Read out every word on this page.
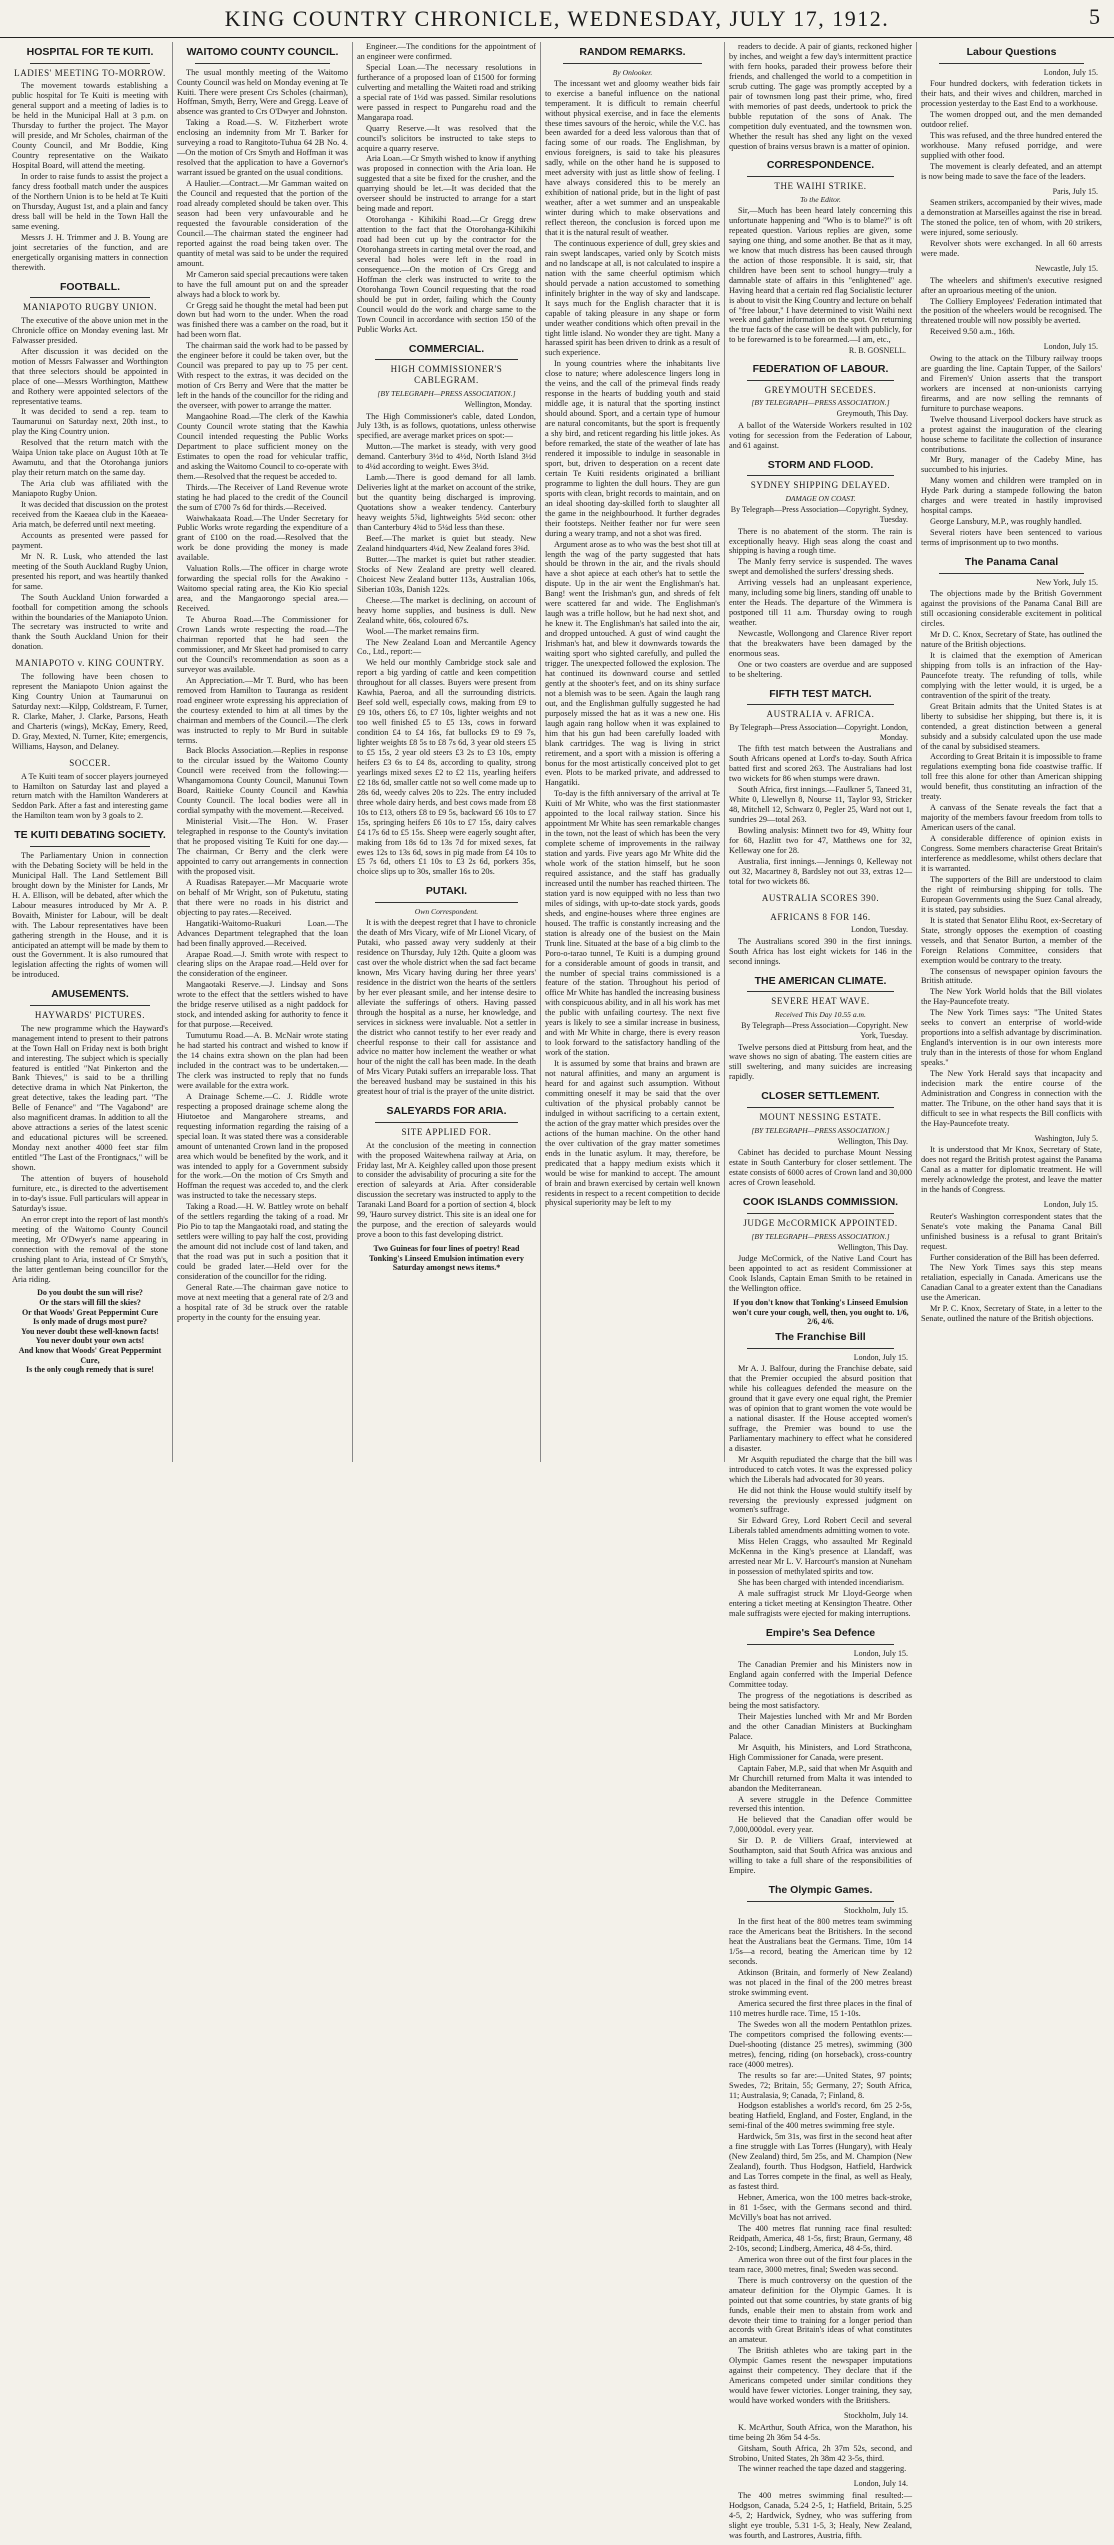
KING COUNTRY CHRONICLE, WEDNESDAY, JULY 17, 1912.	5
HOSPITAL FOR TE KUITI.
LADIES' MEETING TO-MORROW.

The movement towards establishing a public hospital for Te Kuiti is meeting with general support and a meeting of ladies is to be held in the Municipal Hall at 3 p.m. on Thursday to further the project. The Mayor will preside, and Mr Scholes, chairman of the County Council, and Mr Boddie, King Country representative on the Waikato Hospital Board, will attend the meeting.

In order to raise funds to assist the project a fancy dress football match under the auspices of the Northern Union is to be held at Te Kuiti on Thursday, August 1st, and a plain and fancy dress ball will be held in the Town Hall the same evening.

Messrs J. H. Trimmer and J. B. Young are joint secretaries of the function, and are energetically organising matters in connection therewith.

FOOTBALL.
MANIAPOTO RUGBY UNION.

The executive of the above union met in the Chronicle office on Monday evening last. Mr Falwasser presided.

After discussion it was decided on the motion of Messrs Falwasser and Worthington that three selectors should be appointed in place of one—Messrs Worthington, Matthew and Rothery were appointed selectors of the representative teams.

It was decided to send a rep. team to Taumarunui on Saturday next, 20th inst., to play the King Country union.

Resolved that the return match with the Waipa Union take place on August 10th at Te Awamutu, and that the Otorohanga juniors play their return match on the same day.

The Aria club was affiliated with the Maniapoto Rugby Union.

It was decided that discussion on the protest received from the Kaeaea club in the Kaeaea-Aria match, be deferred until next meeting.

Accounts as presented were passed for payment.

Mr N. R. Lusk, who attended the last meeting of the South Auckland Rugby Union, presented his report, and was heartily thanked for same.

The South Auckland Union forwarded a football for competition among the schools within the boundaries of the Maniapoto Union. The secretary was instructed to write and thank the South Auckland Union for their donation.

MANIAPOTO v. KING COUNTRY.

The following have been chosen to represent the Maniapoto Union against the King Country Union at Taumarunui on Saturday next:—Kilpp, Coldstream, F. Turner, R. Clarke, Maher, J. Clarke, Parsons, Heath and Charteris (wings), McKay, Emery, Reed, D. Gray, Mexted, N. Turner, Kite; emergencis, Williams, Hayson, and Delaney.

SOCCER.

A Te Kuiti team of soccer players journeyed to Hamilton on Saturday last and played a return match with the Hamilton Wanderers at Seddon Park. After a fast and interesting game the Hamilton team won by 3 goals to 2.

TE KUITI DEBATING SOCIETY.

The Parliamentary Union in connection with the Debating Society will be held in the Municipal Hall. The Land Settlement Bill brought down by the Minister for Lands, Mr H. A. Ellison, will be debated, after which the Labour measures introduced by Mr A. P. Bovaith, Minister for Labour, will be dealt with. The Labour representatives have been gathering strength in the House, and it is anticipated an attempt will be made by them to oust the Government. It is also rumoured that legislation affecting the rights of women will be introduced.

AMUSEMENTS.
HAYWARDS' PICTURES.

The new programme which the Hayward's management intend to present to their patrons at the Town Hall on Friday next is both bright and interesting. The subject which is specially featured is entitled "Nat Pinkerton and the Bank Thieves," is said to be a thrilling detective drama in which Nat Pinkerton, the great detective, takes the leading part. "The Belle of Fenance" and "The Vagabond" are also magnificent dramas. In addition to all the above attractions a series of the latest scenic and educational pictures will be screened. Monday next another 4000 feet star film entitled "The Last of the Frontignacs," will be shown.

The attention of buyers of household furniture, etc., is directed to the advertisement in to-day's issue. Full particulars will appear in Saturday's issue.

An error crept into the report of last month's meeting of the Waitomo County Council meeting, Mr O'Dwyer's name appearing in connection with the removal of the stone crushing plant to Aria, instead of Cr Smyth's, the latter gentleman being councillor for the Aria riding.

Do you doubt the sun will rise?
Or the stars will fill the skies?
Or that Woods' Great Peppermint Cure
Is only made of drugs most pure?
You never doubt these well-known facts!
You never doubt your own acts!
And know that Woods' Great Peppermint Cure,
Is the only cough remedy that is sure!
WAITOMO COUNTY COUNCIL.

The usual monthly meeting of the Waitomo County Council was held on Monday evening at Te Kuiti. There were present Crs Scholes (chairman), Hoffman, Smyth, Berry, Were and Gregg. Leave of absence was granted to Crs O'Dwyer and Johnston.

Taking a Road.—S. W. Fitzherbert wrote enclosing an indemnity from Mr T. Barker for surveying a road to Rangitoto-Tuhua 64 2B No. 4.—On the motion of Crs Smyth and Hoffman it was resolved that the application to have a Governor's warrant issued be granted on the usual conditions.

A Haulier.—Contract.—Mr Gamman waited on the Council and requested that the portion of the road already completed should be taken over. This season had been very unfavourable and he requested the favourable consideration of the Council.—The chairman stated the engineer had reported against the road being taken over. The quantity of metal was said to be under the required amount.

Mr Cameron said special precautions were taken to have the full amount put on and the spreader always had a block to work by.

Cr Gregg said he thought the metal had been put down but had worn to the under. When the road was finished there was a camber on the road, but it had been worn flat.

The chairman said the work had to be passed by the engineer before it could be taken over, but the Council was prepared to pay up to 75 per cent. With respect to the extras, it was decided on the motion of Crs Berry and Were that the matter be left in the hands of the councillor for the riding and the overseer, with power to arrange the matter.

Mangaohine Road.—The clerk of the Kawhia County Council wrote stating that the Kawhia Council intended requesting the Public Works Department to place sufficient money on the Estimates to open the road for vehicular traffic, and asking the Waitomo Council to co-operate with them.—Resolved that the request be acceded to.

Thirds.—The Receiver of Land Revenue wrote stating he had placed to the credit of the Council the sum of £700 7s 6d for thirds.—Received.

Waiwhakaata Road.—The Under Secretary for Public Works wrote regarding the expenditure of a grant of £100 on the road.—Resolved that the work be done providing the money is made available.

Valuation Rolls.—The officer in charge wrote forwarding the special rolls for the Awakino - Waitomo special rating area, the Kio Kio special area, and the Mangaorongo special area.—Received.

Te Aburoa Road.—The Commissioner for Crown Lands wrote respecting the road.—The chairman reported that he had seen the commissioner, and Mr Skeet had promised to carry out the Council's recommendation as soon as a surveyor was available.

An Appreciation.—Mr T. Burd, who has been removed from Hamilton to Tauranga as resident road engineer wrote expressing his appreciation of the courtesy extended to him at all times by the chairman and members of the Council.—The clerk was instructed to reply to Mr Burd in suitable terms.

Back Blocks Association.—Replies in response to the circular issued by the Waitomo County Council were received from the following:—Whangamomona County Council, Manunui Town Board, Raitieke County Council and Kawhia County Council. The local bodies were all in cordial sympathy with the movement.—Received.

Ministerial Visit.—The Hon. W. Fraser telegraphed in response to the County's invitation that he proposed visiting Te Kuiti for one day.—The chairman, Cr Berry and the clerk were appointed to carry out arrangements in connection with the proposed visit.

A Ruadisas Ratepayer.—Mr Macquarie wrote on behalf of Mr Wright, son of Puketutu, stating that there were no roads in his district and objecting to pay rates.—Received.

Hangatiki-Waitomo-Ruakuri Loan.—The Advances Department telegraphed that the loan had been finally approved.—Received.

Arapae Road.—J. Smith wrote with respect to clearing slips on the Arapae road.—Held over for the consideration of the engineer.

Mangaotaki Reserve.—J. Lindsay and Sons wrote to the effect that the settlers wished to have the bridge reserve utilised as a night paddock for stock, and intended asking for authority to fence it for that purpose.—Received.

Tumutumu Road.—A. B. McNair wrote stating he had started his contract and wished to know if the 14 chains extra shown on the plan had been included in the contract was to be undertaken.—The clerk was instructed to reply that no funds were available for the extra work.

A Drainage Scheme.—C. J. Riddle wrote respecting a proposed drainage scheme along the Hiutoetoe and Mangarohere streams, and requesting information regarding the raising of a special loan. It was stated there was a considerable amount of untenanted Crown land in the proposed area which would be benefited by the work, and it was intended to apply for a Government subsidy for the work.—On the motion of Crs Smyth and Hoffman the request was acceded to, and the clerk was instructed to take the necessary steps.

Taking a Road.—H. W. Battley wrote on behalf of the settlers regarding the taking of a road. Mr Pio Pio to tap the Mangaotaki road, and stating the settlers were willing to pay half the cost, providing the amount did not include cost of land taken, and that the road was put in such a position that it could be graded later.—Held over for the consideration of the councillor for the riding.

General Rate.—The chairman gave notice to move at next meeting that a general rate of 2/3 and a hospital rate of 3d be struck over the ratable property in the county for the ensuing year.

Engineer.—The conditions for the appointment of an engineer were confirmed.

Special Loan.—The necessary resolutions in furtherance of a proposed loan of £1500 for forming culverting and metalling the Waiteti road and striking a special rate of 1½d was passed. Similar resolutions were passed in respect to Pungarehu road and the Mangarapa road.

Quarry Reserve.—It was resolved that the council's solicitors be instructed to take steps to acquire a quarry reserve.

Aria Loan.—Cr Smyth wished to know if anything was proposed in connection with the Aria loan. He suggested that a site be fixed for the crusher, and the quarrying should be let.—It was decided that the overseer should be instructed to arrange for a start being made and report.

Otorohanga - Kihikihi Road.—Cr Gregg drew attention to the fact that the Otorohanga-Kihikihi road had been cut up by the contractor for the Otorohanga streets in carting metal over the road, and several bad holes were left in the road in consequence.—On the motion of Crs Gregg and Hoffman the clerk was instructed to write to the Otorohanga Town Council requesting that the road should be put in order, failing which the County Council would do the work and charge same to the Town Council in accordance with section 150 of the Public Works Act.

COMMERCIAL.
HIGH COMMISSIONER'S CABLEGRAM.
[BY TELEGRAPH—PRESS ASSOCIATION.]
Wellington, Monday.

The High Commissioner's cable, dated London, July 13th, is as follows, quotations, unless otherwise specified, are average market prices on spot:—

Mutton.—The market is steady, with very good demand. Canterbury 3½d to 4½d, North Island 3½d to 4¼d according to weight. Ewes 3½d.

Lamb.—There is good demand for all lamb. Deliveries light at the market on account of the strike, but the quantity being discharged is improving. Quotations show a weaker tendency. Canterbury heavy weights 5⅞d, lightweights 5½d secon: other than Canterbury 4¾d to 5¼d less than these.

Beef.—The market is quiet but steady. New Zealand hindquarters 4¼d, New Zealand fores 3⅜d.

Butter.—The market is quiet but rather steadier. Stocks of New Zealand are pretty well cleared. Choicest New Zealand butter 113s, Australian 106s, Siberian 103s, Danish 122s.

Cheese.—The market is declining, on account of heavy home supplies, and business is dull. New Zealand white, 66s, coloured 67s.

Wool.—The market remains firm.

The New Zealand Loan and Mercantile Agency Co., Ltd., report:—

We held our monthly Cambridge stock sale and report a big yarding of cattle and keen competition throughout for all classes. Buyers were present from Kawhia, Paeroa, and all the surrounding districts. Beef sold well, especially cows, making from £9 to £9 10s, others £6, to £7 10s, lighter weights and not too well finished £5 to £5 13s, cows in forward condition £4 to £4 16s, fat bullocks £9 to £9 7s, lighter weights £8 5s to £8 7s 6d, 3 year old steers £5 to £5 15s, 2 year old steers £3 2s to £3 10s, empty heifers £3 6s to £4 8s, according to quality, strong yearlings mixed sexes £2 to £2 11s, yearling heifers £2 18s 6d, smaller cattle not so well come made up to 28s 6d, weedy calves 20s to 22s. The entry included three whole dairy herds, and best cows made from £8 10s to £13, others £8 to £9 5s, backward £6 10s to £7 15s, springing heifers £6 10s to £7 15s, dairy calves £4 17s 6d to £5 15s. Sheep were eagerly sought after, making from 18s 6d to 13s 7d for mixed sexes, fat ewes 12s to 13s 6d, sows in pig made from £4 10s to £5 7s 6d, others £1 10s to £3 2s 6d, porkers 35s, choice slips up to 30s, smaller 16s to 20s.

PUTAKI.
Own Correspondent.

It is with the deepest regret that I have to chronicle the death of Mrs Vicary, wife of Mr Lionel Vicary, of Putaki, who passed away very suddenly at their residence on Thursday, July 12th. Quite a gloom was cast over the whole district when the sad fact became known, Mrs Vicary having during her three years' residence in the district won the hearts of the settlers by her ever pleasant smile, and her intense desire to alleviate the sufferings of others. Having passed through the hospital as a nurse, her knowledge, and services in sickness were invaluable. Not a settler in the district who cannot testify to her ever ready and cheerful response to their call for assistance and advice no matter how inclement the weather or what hour of the night the call has been made. In the death of Mrs Vicary Putaki suffers an irreparable loss. That the bereaved husband may be sustained in this his greatest hour of trial is the prayer of the unite district.

SALEYARDS FOR ARIA.
SITE APPLIED FOR.

At the conclusion of the meeting in connection with the proposed Waitewhena railway at Aria, on Friday last, Mr A. Keighley called upon those present to consider the advisability of procuring a site for the erection of saleyards at Aria. After considerable discussion the secretary was instructed to apply to the Taranaki Land Board for a portion of section 4, block 99, 'Hauro survey district. This site is an ideal one for the purpose, and the erection of saleyards would prove a boon to this fast developing district.

Two Guineas for four lines of poetry! Read Tonking's Linseed Emulsion intimation every Saturday amongst news items.*
RANDOM REMARKS.
By Onlooker.

The incessant wet and gloomy weather bids fair to exercise a baneful influence on the national temperament. It is difficult to remain cheerful without physical exercise, and in face the elements these times savours of the heroic, while the V.C. has been awarded for a deed less valorous than that of facing some of our roads. The Englishman, by envious foreigners, is said to take his pleasures sadly, while on the other hand he is supposed to meet adversity with just as little show of feeling. I have always considered this to be merely an exhibition of national pride, but in the light of past weather, after a wet summer and an unspeakable winter during which to make observations and reflect thereon, the conclusion is forced upon me that it is the natural result of weather.

The continuous experience of dull, grey skies and rain swept landscapes, varied only by Scotch mists and no landscape at all, is not calculated to inspire a nation with the same cheerful optimism which should pervade a nation accustomed to something infinitely brighter in the way of sky and landscape. It says much for the English character that it is capable of taking pleasure in any shape or form under weather conditions which often prevail in the tight little island. No wonder they are tight. Many a harassed spirit has been driven to drink as a result of such experience.

In young countries where the inhabitants live close to nature; where adolescence lingers long in the veins, and the call of the primeval finds ready response in the hearts of budding youth and staid middle age, it is natural that the sporting instinct should abound. Sport, and a certain type of humour are natural concomitants, but the sport is frequently a shy bird, and reticent regarding his little jokes. As before remarked, the state of the weather of late has rendered it impossible to indulge in seasonable in sport, but, driven to desperation on a recent date certain Te Kuiti residents originated a brilliant programme to lighten the dull hours. They are gun sports with clean, bright records to maintain, and on an ideal shooting day-skilled forth to slaughter all the game in the neighbourhood. It further degrades their footsteps. Neither feather nor fur were seen during a weary tramp, and not a shot was fired.

Argument arose as to who was the best shot till at length the wag of the party suggested that hats should be thrown in the air, and the rivals should have a shot apiece at each other's hat to settle the dispute. Up in the air went the Englishman's hat. Bang! went the Irishman's gun, and shreds of felt were scattered far and wide. The Englishman's laugh was a trifle hollow, but he had next shot, and he knew it. The Englishman's hat sailed into the air, and dropped untouched. A gust of wind caught the Irishman's hat, and blew it downwards towards the waiting sport who sighted carefully, and pulled the trigger. The unexpected followed the explosion. The hat continued its downward course and settled gently at the shooter's feet, and on its shiny surface not a blemish was to be seen. Again the laugh rang out, and the Englishman gulfully suggested he had purposely missed the hat as it was a new one. His laugh again rang hollow when it was explained to him that his gun had been carefully loaded with blank cartridges. The wag is living in strict retirement, and a sport with a mission is offering a bonus for the most artistically conceived plot to get even. Plots to be marked private, and addressed to Hangatiki.

To-day is the fifth anniversary of the arrival at Te Kuiti of Mr White, who was the first stationmaster appointed to the local railway station. Since his appointment Mr White has seen remarkable changes in the town, not the least of which has been the very complete scheme of improvements in the railway station and yards. Five years ago Mr White did the whole work of the station himself, but he soon required assistance, and the staff has gradually increased until the number has reached thirteen. The station yard is now equipped with no less than two miles of sidings, with up-to-date stock yards, goods sheds, and engine-houses where three engines are housed. The traffic is constantly increasing and the station is already one of the busiest on the Main Trunk line. Situated at the base of a big climb to the Poro-o-tarao tunnel, Te Kuiti is a dumping ground for a considerable amount of goods in transit, and the number of special trains commissioned is a feature of the station. Throughout his period of office Mr White has handled the increasing business with conspicuous ability, and in all his work has met the public with unfailing courtesy. The next five years is likely to see a similar increase in business, and with Mr White in charge, there is every reason to look forward to the satisfactory handling of the work of the station.

It is assumed by some that brains and brawn are not natural affinities, and many an argument is heard for and against such assumption. Without committing oneself it may be said that the over cultivation of the physical probably cannot be indulged in without sacrificing to a certain extent, the action of the gray matter which presides over the actions of the human machine. On the other hand the over cultivation of the gray matter sometimes ends in the lunatic asylum. It may, therefore, be predicated that a happy medium exists which it would be wise for mankind to accept. The amount of brain and brawn exercised by certain well known residents in respect to a recent competition to decide physical superiority may be left to my

readers to decide. A pair of giants, reckoned higher by inches, and weight a few day's intermittent practice with fern hooks, paraded their prowess before their friends, and challenged the world to a competition in scrub cutting. The gage was promptly accepted by a pair of townsmen long past their prime, who, fired with memories of past deeds, undertook to prick the bubble reputation of the sons of Anak. The competition duly eventuated, and the townsmen won. Whether the result has shed any light on the vexed question of brains versus brawn is a matter of opinion.

CORRESPONDENCE.
THE WAIHI STRIKE.
To the Editor.

Sir,—Much has been heard lately concerning this unfortunate happening and "Who is to blame?" is oft repeated question. Various replies are given, some saying one thing, and some another. Be that as it may, we know that much distress has been caused through the action of those responsible. It is said, sir, that children have been sent to school hungry—truly a damnable state of affairs in this "enlightened" age. Having heard that a certain red flag Socialistic lecturer is about to visit the King Country and lecture on behalf of "free labour," I have determined to visit Waihi next week and gather information on the spot. On returning the true facts of the case will be dealt with publicly, for to be forewarned is to be forearmed.—I am, etc.,

R. B. GOSNELL.
FEDERATION OF LABOUR.
GREYMOUTH SECEDES.
[BY TELEGRAPH—PRESS ASSOCIATION.]
Greymouth, This Day.

A ballot of the Waterside Workers resulted in 102 voting for secession from the Federation of Labour, and 61 against.

STORM AND FLOOD.
SYDNEY SHIPPING DELAYED.
DAMAGE ON COAST.
By Telegraph—Press Association—Copyright. Sydney, Tuesday.

There is no abatement of the storm. The rain is exceptionally heavy. High seas along the coast and shipping is having a rough time.

The Manly ferry service is suspended. The waves swept and demolished the surfers' dressing sheds.

Arriving vessels had an unpleasant experience, many, including some big liners, standing off unable to enter the Heads. The departure of the Wimmera is postponed till 11 a.m. Thursday owing to rough weather.

Newcastle, Wollongong and Clarence River report that the breakwaters have been damaged by the enormous seas.

One or two coasters are overdue and are supposed to be sheltering.

FIFTH TEST MATCH.
AUSTRALIA v. AFRICA.
By Telegraph—Press Association—Copyright. London, Monday.

The fifth test match between the Australians and South Africans opened at Lord's to-day. South Africa batted first and scored 263. The Australians had lost two wickets for 86 when stumps were drawn.

South Africa, first innings.—Faulkner 5, Taneed 31, White 0, Llewellyn 8, Nourse 11, Taylor 93, Stricker 48, Mitchell 12, Schwarz 0, Pegler 25, Ward not out 1, sundries 29—total 263.

Bowling analysis: Minnett two for 49, Whitty four for 68, Hazlitt two for 47, Matthews one for 32, Kelleway one for 28.

Australia, first innings.—Jennings 0, Kelleway not out 32, Macartney 8, Bardsley not out 33, extras 12—total for two wickets 86.

AUSTRALIA SCORES 390.
AFRICANS 8 FOR 146.
London, Tuesday.

The Australians scored 390 in the first innings. South Africa has lost eight wickets for 146 in the second innings.

THE AMERICAN CLIMATE.
SEVERE HEAT WAVE.
Received This Day 10.55 a.m.
By Telegraph—Press Association—Copyright. New York, Tuesday.

Twelve persons died at Pittsburg from heat, and the wave shows no sign of abating. The eastern cities are still sweltering, and many suicides are increasing rapidly.

CLOSER SETTLEMENT.
MOUNT NESSING ESTATE.
[BY TELEGRAPH—PRESS ASSOCIATION.]
Wellington, This Day.

Cabinet has decided to purchase Mount Nessing estate in South Canterbury for closer settlement. The estate consists of 6000 acres of Crown land and 30,000 acres of Crown leasehold.

COOK ISLANDS COMMISSION.
JUDGE McCORMICK APPOINTED.
[BY TELEGRAPH—PRESS ASSOCIATION.]
Wellington, This Day.

Judge McCormick, of the Native Land Court has been appointed to act as resident Commissioner at Cook Islands, Captain Eman Smith to be retained in the Wellington office.

If you don't know that Tonking's Linseed Emulsion won't cure your cough, well, then, you ought to. 1/6, 2/6, 4/6.
The Franchise Bill
London, July 15.

Mr A. J. Balfour, during the Franchise debate, said that the Premier occupied the absurd position that while his colleagues defended the measure on the ground that it gave every one equal right, the Premier was of opinion that to grant women the vote would be a national disaster. If the House accepted women's suffrage, the Premier was bound to use the Parliamentary machinery to effect what he considered a disaster.

Mr Asquith repudiated the charge that the bill was introduced to catch votes. It was the expressed policy which the Liberals had advocated for 30 years.

He did not think the House would stultify itself by reversing the previously expressed judgment on women's suffrage.

Sir Edward Grey, Lord Robert Cecil and several Liberals tabled amendments admitting women to vote.

Miss Helen Craggs, who assaulted Mr Reginald McKenna in the King's presence at Llandaff, was arrested near Mr L. V. Harcourt's mansion at Nuneham in possession of methylated spirits and tow.

She has been charged with intended incendiarism.

A male suffragist struck Mr Lloyd-George when entering a ticket meeting at Kensington Theatre. Other male suffragists were ejected for making interruptions.

Empire's Sea Defence
London, July 15.

The Canadian Premier and his Ministers now in England again conferred with the Imperial Defence Committee today.

The progress of the negotiations is described as being the most satisfactory.

Their Majesties lunched with Mr and Mr Borden and the other Canadian Ministers at Buckingham Palace.

Mr Asquith, his Ministers, and Lord Strathcona, High Commissioner for Canada, were present.

Captain Faber, M.P., said that when Mr Asquith and Mr Churchill returned from Malta it was intended to abandon the Mediterranean.

A severe struggle in the Defence Committee reversed this intention.

He believed that the Canadian offer would be 7,000,000dol. every year.

Sir D. P. de Villiers Graaf, interviewed at Southampton, said that South Africa was anxious and willing to take a full share of the responsibilities of Empire.

The Olympic Games.
Stockholm, July 15.

In the first heat of the 800 metres team swimming race the Americans beat the Britishers. In the second heat the Australians beat the Germans. Time, 10m 14 1/5s—a record, beating the American time by 12 seconds.

Atkinson (Britain, and formerly of New Zealand) was not placed in the final of the 200 metres breast stroke swimming event.

America secured the first three places in the final of 110 metres hurdle race. Time, 15 1-10s.

The Swedes won all the modern Pentathlon prizes. The competitors comprised the following events:—Duel-shooting (distance 25 metres), swimming (300 metres), fencing, riding (on horseback), cross-country race (4000 metres).

The results so far are:—United States, 97 points; Swedes, 72; Britain, 55; Germany, 27; South Africa, 11; Australasia, 9; Canada, 7; Finland, 8.

Hodgson establishes a world's record, 6m 25 2-5s, beating Hatfield, England, and Foster, England, in the semi-final of the 400 metres swimming free style.

Hardwick, 5m 31s, was first in the second heat after a fine struggle with Las Torres (Hungary), with Healy (New Zealand) third, 5m 25s, and M. Champion (New Zealand), fourth. Thus Hodgson, Hatfield, Hardwick and Las Torres compete in the final, as well as Healy, as fastest third.

Hebner, America, won the 100 metres back-stroke, in 81 1-5sec, with the Germans second and third. McVilly's boat has not arrived.

The 400 metres flat running race final resulted: Reidpath, America, 48 1-5s, first; Braun, Germany, 48 2-10s, second; Lindberg, America, 48 4-5s, third.

America won three out of the first four places in the team race, 3000 metres, final; Sweden was second.

There is much controversy on the question of the amateur definition for the Olympic Games. It is pointed out that some countries, by state grants of big funds, enable their men to abstain from work and devote their time to training for a longer period than accords with Great Britain's ideas of what constitutes an amateur.

The British athletes who are taking part in the Olympic Games resent the newspaper imputations against their competency. They declare that if the Americans competed under similar conditions they would have fewer victories. Longer training, they say, would have worked wonders with the Britishers.

Stockholm, July 14.

K. McArthur, South Africa, won the Marathon, his time being 2h 36m 54 4-5s.

Gitsham, South Africa, 2h 37m 52s, second, and Strobino, United States, 2h 38m 42 3-5s, third.

The winner reached the tape dazed and staggering.

London, July 14.

The 400 metres swimming final resulted:—Hodgson, Canada, 5.24 2-5, 1; Hatfield, Britain, 5.25 4-5, 2; Hardwick, Sydney, who was suffering from slight eye trouble, 5.31 1-5, 3; Healy, New Zealand, was fourth, and Lastrores, Austria, fifth.

Labour Questions
London, July 15.

Four hundred dockers, with federation tickets in their hats, and their wives and children, marched in procession yesterday to the East End to a workhouse.

The women dropped out, and the men demanded outdoor relief.

This was refused, and the three hundred entered the workhouse. Many refused porridge, and were supplied with other food.

The movement is clearly defeated, and an attempt is now being made to save the face of the leaders.

Paris, July 15.

Seamen strikers, accompanied by their wives, made a demonstration at Marseilles against the rise in bread. The stoned the police, ten of whom, with 20 strikers, were injured, some seriously.

Revolver shots were exchanged. In all 60 arrests were made.

Newcastle, July 15.

The wheelers and shiftmen's executive resigned after an uproarious meeting of the union.

The Colliery Employees' Federation intimated that the position of the wheelers would be recognised. The threatened trouble will now possibly be averted.

Received 9.50 a.m., 16th.

London, July 15.

Owing to the attack on the Tilbury railway troops are guarding the line. Captain Tupper, of the Sailors' and Firemen's' Union asserts that the transport workers are incensed at non-unionists carrying firearms, and are now selling the remnants of furniture to purchase weapons.

Twelve thousand Liverpool dockers have struck as a protest against the inauguration of the clearing house scheme to facilitate the collection of insurance contributions.

Mr Bury, manager of the Cadeby Mine, has succumbed to his injuries.

Many women and children were trampled on in Hyde Park during a stampede following the baton charges and were treated in hastily improvised hospital camps.

George Lansbury, M.P., was roughly handled.

Several rioters have been sentenced to various terms of imprisonment up to two months.

The Panama Canal
New York, July 15.

The objections made by the British Government against the provisions of the Panama Canal Bill are still occasioning considerable excitement in political circles.

Mr D. C. Knox, Secretary of State, has outlined the nature of the British objections.

It is claimed that the exemption of American shipping from tolls is an infraction of the Hay-Pauncefote treaty. The refunding of tolls, while complying with the letter would, it is urged, be a contravention of the spirit of the treaty.

Great Britain admits that the United States is at liberty to subsidise her shipping, but there is, it is contended, a great distinction between a general subsidy and a subsidy calculated upon the use made of the canal by subsidised steamers.

According to Great Britain it is impossible to frame regulations exempting bona fide coastwise traffic. If toll free this alone for other than American shipping would benefit, thus constituting an infraction of the treaty.

A canvass of the Senate reveals the fact that a majority of the members favour freedom from tolls to American users of the canal.

A considerable difference of opinion exists in Congress. Some members characterise Great Britain's interference as meddlesome, whilst others declare that it is warranted.

The supporters of the Bill are understood to claim the right of reimbursing shipping for tolls. The European Governments using the Suez Canal already, it is stated, pay subsidies.

It is stated that Senator Elihu Root, ex-Secretary of State, strongly opposes the exemption of coasting vessels, and that Senator Burton, a member of the Foreign Relations Committee, considers that exemption would be contrary to the treaty.

The consensus of newspaper opinion favours the British attitude.

The New York World holds that the Bill violates the Hay-Pauncefote treaty.

The New York Times says: "The United States seeks to convert an enterprise of world-wide proportions into a selfish advantage by discrimination. England's intervention is in our own interests more truly than in the interests of those for whom England speaks."

The New York Herald says that incapacity and indecision mark the entire course of the Administration and Congress in connection with the matter. The Tribune, on the other hand says that it is difficult to see in what respects the Bill conflicts with the Hay-Pauncefote treaty.

Washington, July 5.

It is understood that Mr Knox, Secretary of State, does not regard the British protest against the Panama Canal as a matter for diplomatic treatment. He will merely acknowledge the protest, and leave the matter in the hands of Congress.

London, July 15.

Reuter's Washington correspondent states that the Senate's vote making the Panama Canal Bill unfinished business is a refusal to grant Britain's request.

Further consideration of the Bill has been deferred.

The New York Times says this step means retaliation, especially in Canada. Americans use the Canadian Canal to a greater extent than the Canadians use the American.

Mr P. C. Knox, Secretary of State, in a letter to the Senate, outlined the nature of the British objections.
